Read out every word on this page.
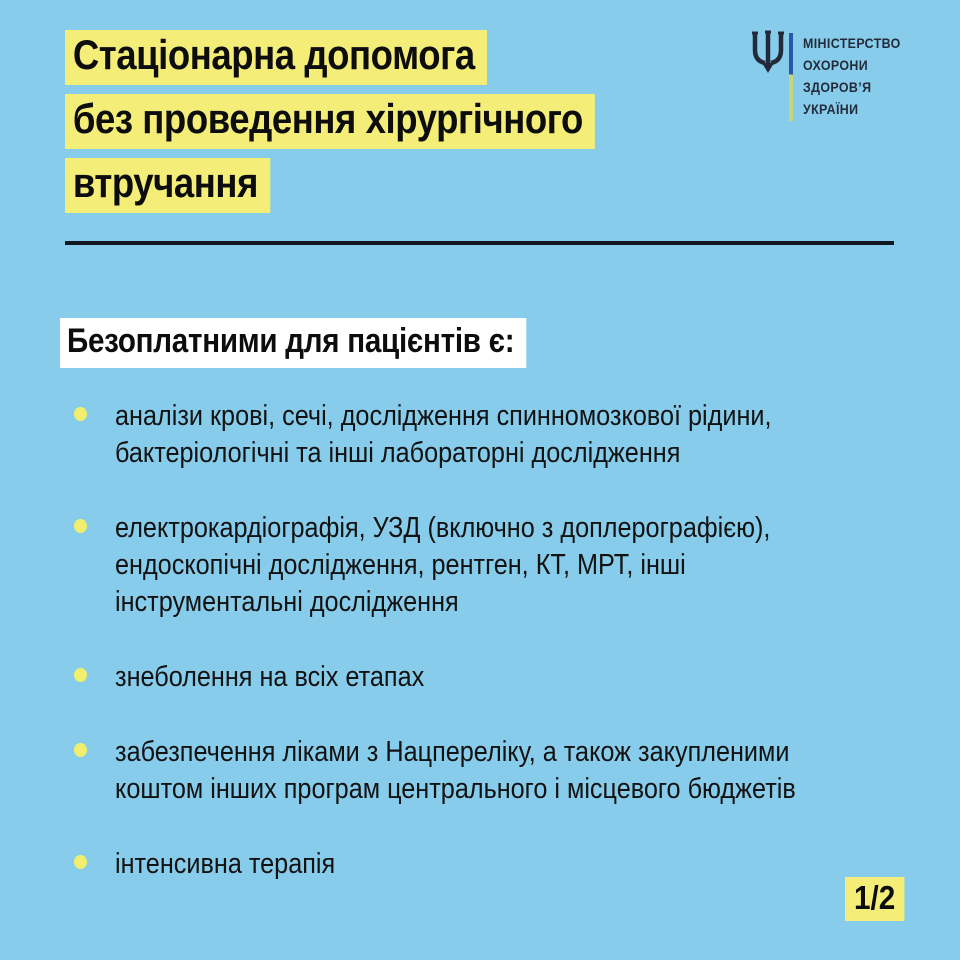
Стаціонарна допомога
без проведення хірургічного
втручання
МІНІСТЕРСТВО
ОХОРОНИ
ЗДОРОВ’Я
УКРАЇНИ
Безоплатними для пацієнтів є:
аналізи крові, сечі, дослідження спинномозкової рідини,
бактеріологічні та інші лабораторні дослідження
електрокардіографія, УЗД (включно з доплерографією),
ендоскопічні дослідження, рентген, КТ, МРТ, інші
інструментальні дослідження
знеболення на всіх етапах
забезпечення ліками з Нацпереліку, а також закупленими
коштом інших програм центрального і місцевого бюджетів
інтенсивна терапія
1/2
